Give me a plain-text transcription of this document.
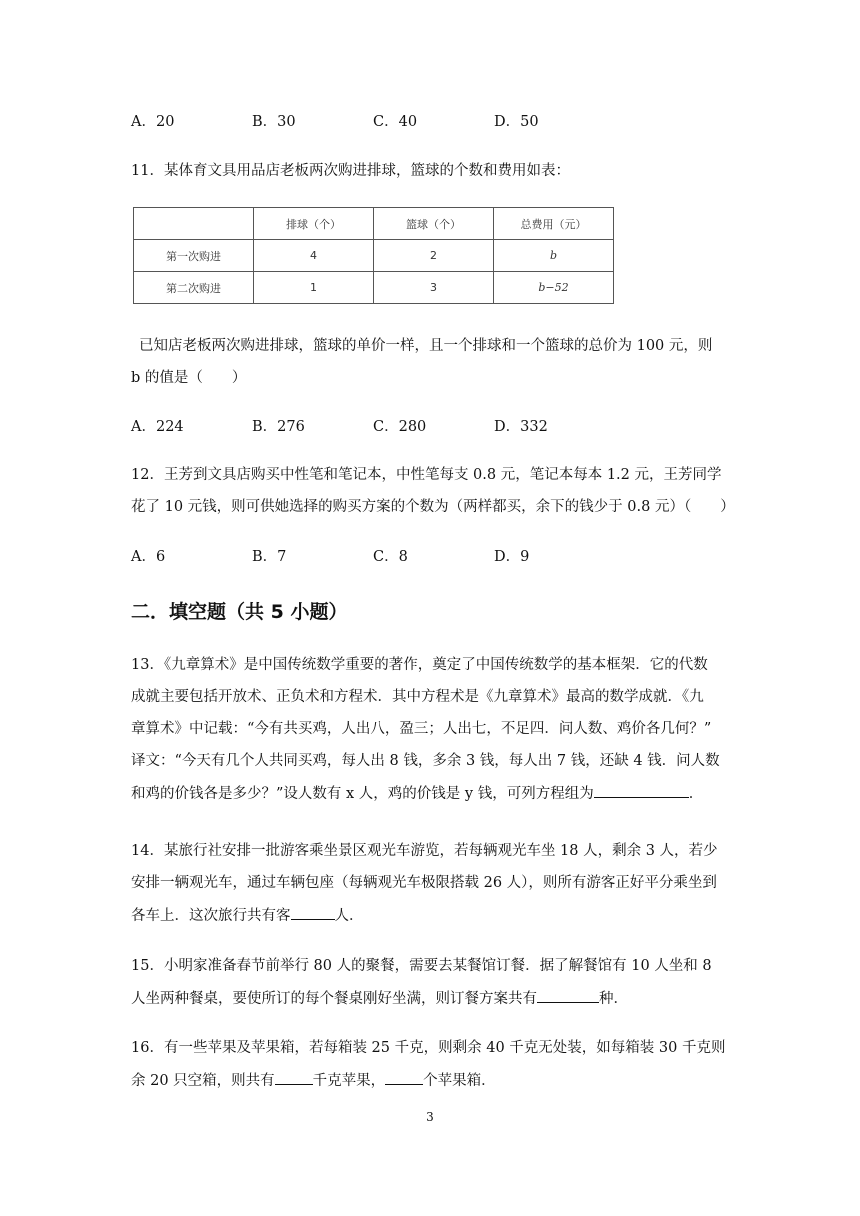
A．20	B．30	C．40	D．50
11．某体育文具用品店老板两次购进排球，篮球的个数和费用如表：
	排球（个）	篮球（个）	总费用（元）
第一次购进	4	2	b
第二次购进	1	3	b−52
已知店老板两次购进排球，篮球的单价一样，且一个排球和一个篮球的总价为 100 元，则
b 的值是（　　）
A．224	B．276	C．280	D．332
12．王芳到文具店购买中性笔和笔记本，中性笔每支 0.8 元，笔记本每本 1.2 元，王芳同学
花了 10 元钱，则可供她选择的购买方案的个数为（两样都买，余下的钱少于 0.8 元）（　　）
A．6	B．7	C．8	D．9
二．填空题（共 5 小题）
13．《九章算术》是中国传统数学重要的著作，奠定了中国传统数学的基本框架．它的代数
成就主要包括开放术、正负术和方程术．其中方程术是《九章算术》最高的数学成就．《九
章算术》中记载：“今有共买鸡，人出八，盈三；人出七，不足四．问人数、鸡价各几何？”
译文：“今天有几个人共同买鸡，每人出 8 钱，多余 3 钱，每人出 7 钱，还缺 4 钱．问人数
和鸡的价钱各是多少？”设人数有 x 人，鸡的价钱是 y 钱，可列方程组为	．
14．某旅行社安排一批游客乘坐景区观光车游览，若每辆观光车坐 18 人，剩余 3 人，若少
安排一辆观光车，通过车辆包座（每辆观光车极限搭载 26 人），则所有游客正好平分乘坐到
各车上．这次旅行共有客	人．
15．小明家准备春节前举行 80 人的聚餐，需要去某餐馆订餐．据了解餐馆有 10 人坐和 8
人坐两种餐桌，要使所订的每个餐桌刚好坐满，则订餐方案共有	种．
16．有一些苹果及苹果箱，若每箱装 25 千克，则剩余 40 千克无处装，如每箱装 30 千克则
余 20 只空箱，则共有	千克苹果，	个苹果箱．
3
